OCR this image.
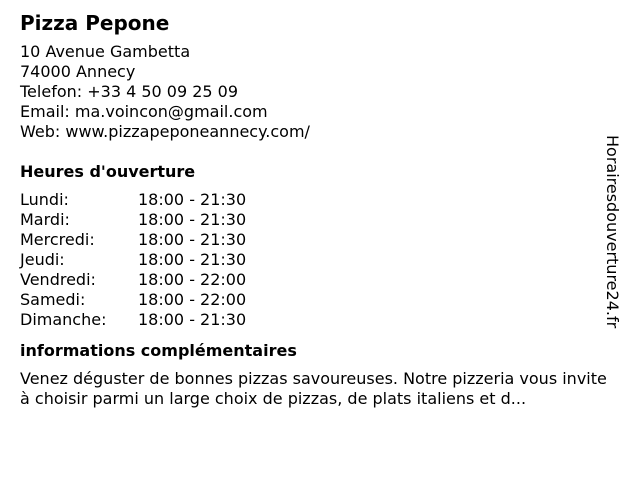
Pizza Pepone
10 Avenue Gambetta
74000 Annecy
Telefon: +33 4 50 09 25 09
Email: ma.voincon@gmail.com
Web: www.pizzapeponeannecy.com/
Heures d'ouverture
Lundi:	18:00 - 21:30
Mardi:	18:00 - 21:30
Mercredi:	18:00 - 21:30
Jeudi:	18:00 - 21:30
Vendredi:	18:00 - 22:00
Samedi:	18:00 - 22:00
Dimanche:	18:00 - 21:30
informations complémentaires

Venez déguster de bonnes pizzas savoureuses. Notre pizzeria vous invite à choisir parmi un large choix de pizzas, de plats italiens et d...

Horairesdouverture24.fr
